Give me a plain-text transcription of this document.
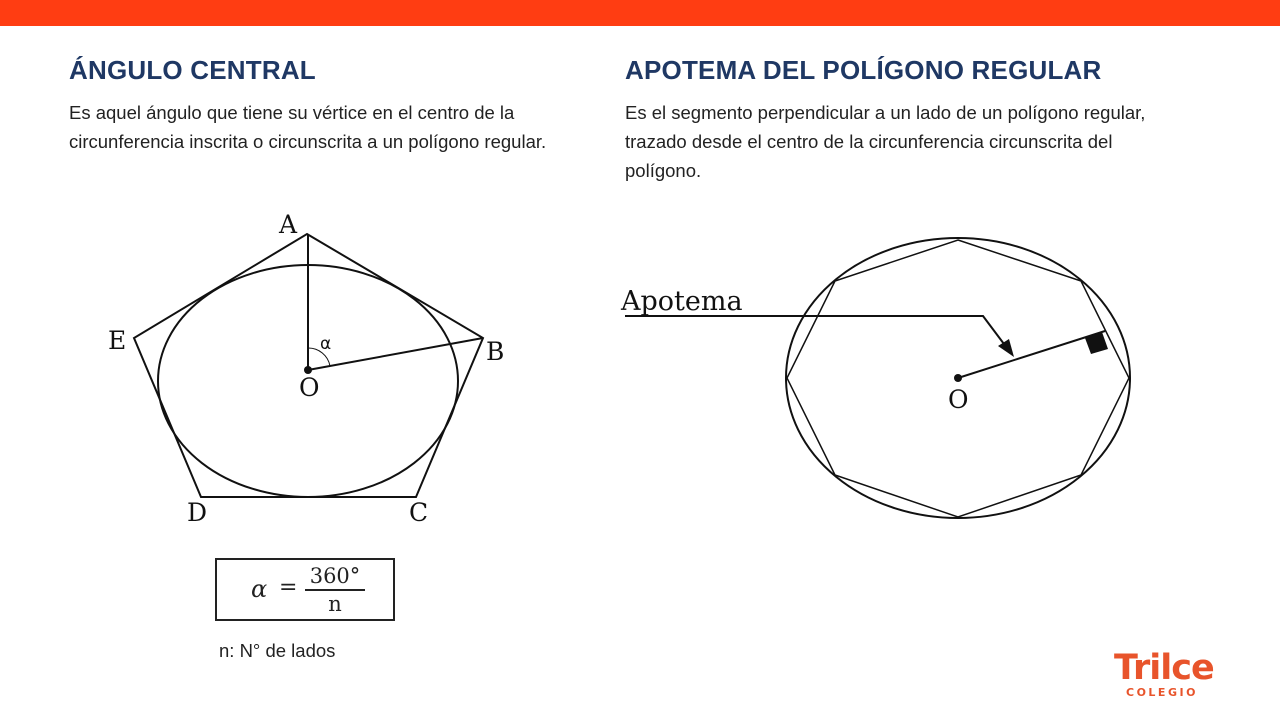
ÁNGULO CENTRAL

Es aquel ángulo que tiene su vértice en el centro de la circunferencia inscrita o circunscrita a un polígono regular.

APOTEMA DEL POLÍGONO REGULAR

Es el segmento perpendicular a un lado de un polígono regular, trazado desde el centro de la circunferencia circunscrita del polígono.

A
B
C
D
E
O
α
Apotema
O
α = 360°
n
n: N° de lados	Trilce
COLEGIO
